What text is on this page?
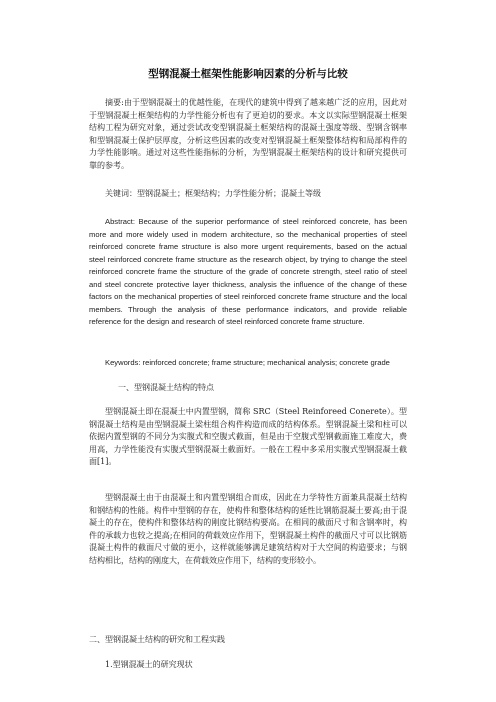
型钢混凝土框架性能影响因素的分析与比较
摘要:由于型钢混凝土的优越性能，在现代的建筑中得到了越来越广泛的应用，因此对于型钢混凝土框架结构的力学性能分析也有了更迫切的要求。本文以实际型钢混凝土框架结构工程为研究对象，通过尝试改变型钢混凝土框架结构的混凝土强度等级、型钢含钢率和型钢混凝土保护层厚度，分析这些因素的改变对型钢混凝土框架整体结构和局部构件的力学性能影响。通过对这些性能指标的分析，为型钢混凝土框架结构的设计和研究提供可靠的参考。
关键词：型钢混凝土；框架结构；力学性能分析；混凝土等级
Abstract: Because of the superior performance of steel reinforced concrete, has been more and more widely used in modern architecture, so the mechanical properties of steel reinforced concrete frame structure is also more urgent requirements, based on the actual steel reinforced concrete frame structure as the research object, by trying to change the steel reinforced concrete frame the structure of the grade of concrete strength, steel ratio of steel and steel concrete protective layer thickness, analysis the influence of the change of these factors on the mechanical properties of steel reinforced concrete frame structure and the local members. Through the analysis of these performance indicators, and provide reliable reference for the design and research of steel reinforced concrete frame structure.
Keywords: reinforced concrete; frame structure; mechanical analysis; concrete grade
一、型钢混凝土结构的特点
型钢混凝土即在混凝土中内置型钢，简称 SRC（Steel Reinforeed Conerete）。型钢混凝土结构是由型钢混凝土梁柱组合构件构造而成的结构体系。型钢混凝土梁和柱可以依据内置型钢的不同分为实腹式和空腹式截面，但是由于空腹式型钢截面施工难度大，费用高，力学性能没有实腹式型钢混凝土截面好。一般在工程中多采用实腹式型钢混凝土截面[1]。
型钢混凝土由于由混凝土和内置型钢组合而成，因此在力学特性方面兼具混凝土结构和钢结构的性能。构件中型钢的存在，使构件和整体结构的延性比钢筋混凝土要高;由于混凝土的存在，使构件和整体结构的刚度比钢结构要高。在相同的截面尺寸和含钢率时，构件的承载力也较之提高;在相同的荷载效应作用下，型钢混凝土构件的截面尺寸可以比钢筋混凝土构件的截面尺寸做的更小，这样就能够满足建筑结构对于大空间的构造要求；与钢结构相比，结构的刚度大，在荷载效应作用下，结构的变形较小。
二、型钢混凝土结构的研究和工程实践
1.型钢混凝土的研究现状
